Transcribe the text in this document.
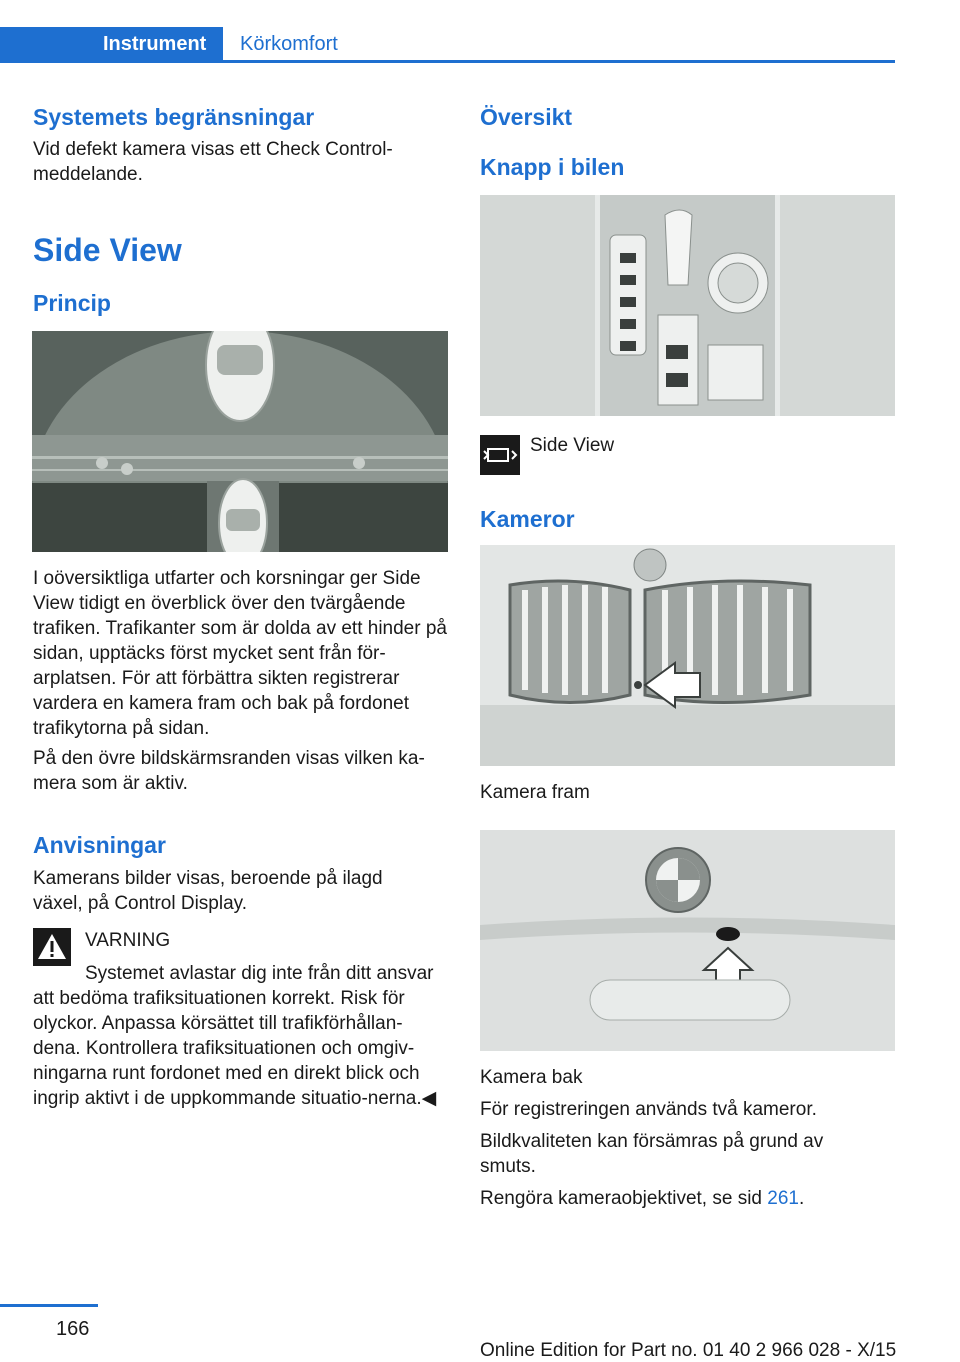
Instrument Körkomfort
Systemets begränsningar

Vid defekt kamera visas ett Check Control-meddelande.

Side View
Princip

I oöversiktliga utfarter och korsningar ger Side View tidigt en överblick över den tvärgående trafiken. Trafikanter som är dolda av ett hinder på sidan, upptäcks först mycket sent från för-arplatsen. För att förbättra sikten registrerar vardera en kamera fram och bak på fordonet trafikytorna på sidan.

På den övre bildskärmsranden visas vilken ka-mera som är aktiv.

Anvisningar

Kamerans bilder visas, beroende på ilagd växel, på Control Display.

VARNING
Systemet avlastar dig inte från ditt ansvar att bedöma trafiksituationen korrekt. Risk för olyckor. Anpassa körsättet till trafikförhållan-dena. Kontrollera trafiksituationen och omgiv-ningarna runt fordonet med en direkt blick och ingrip aktivt i de uppkommande situatio-nerna.◀
Översikt
Knapp i bilen
Side View
Kameror
Kamera fram
Kamera bak

För registreringen används två kameror.

Bildkvaliteten kan försämras på grund av smuts.

Rengöra kameraobjektivet, se sid 261.

166
Online Edition for Part no. 01 40 2 966 028 - X/15
